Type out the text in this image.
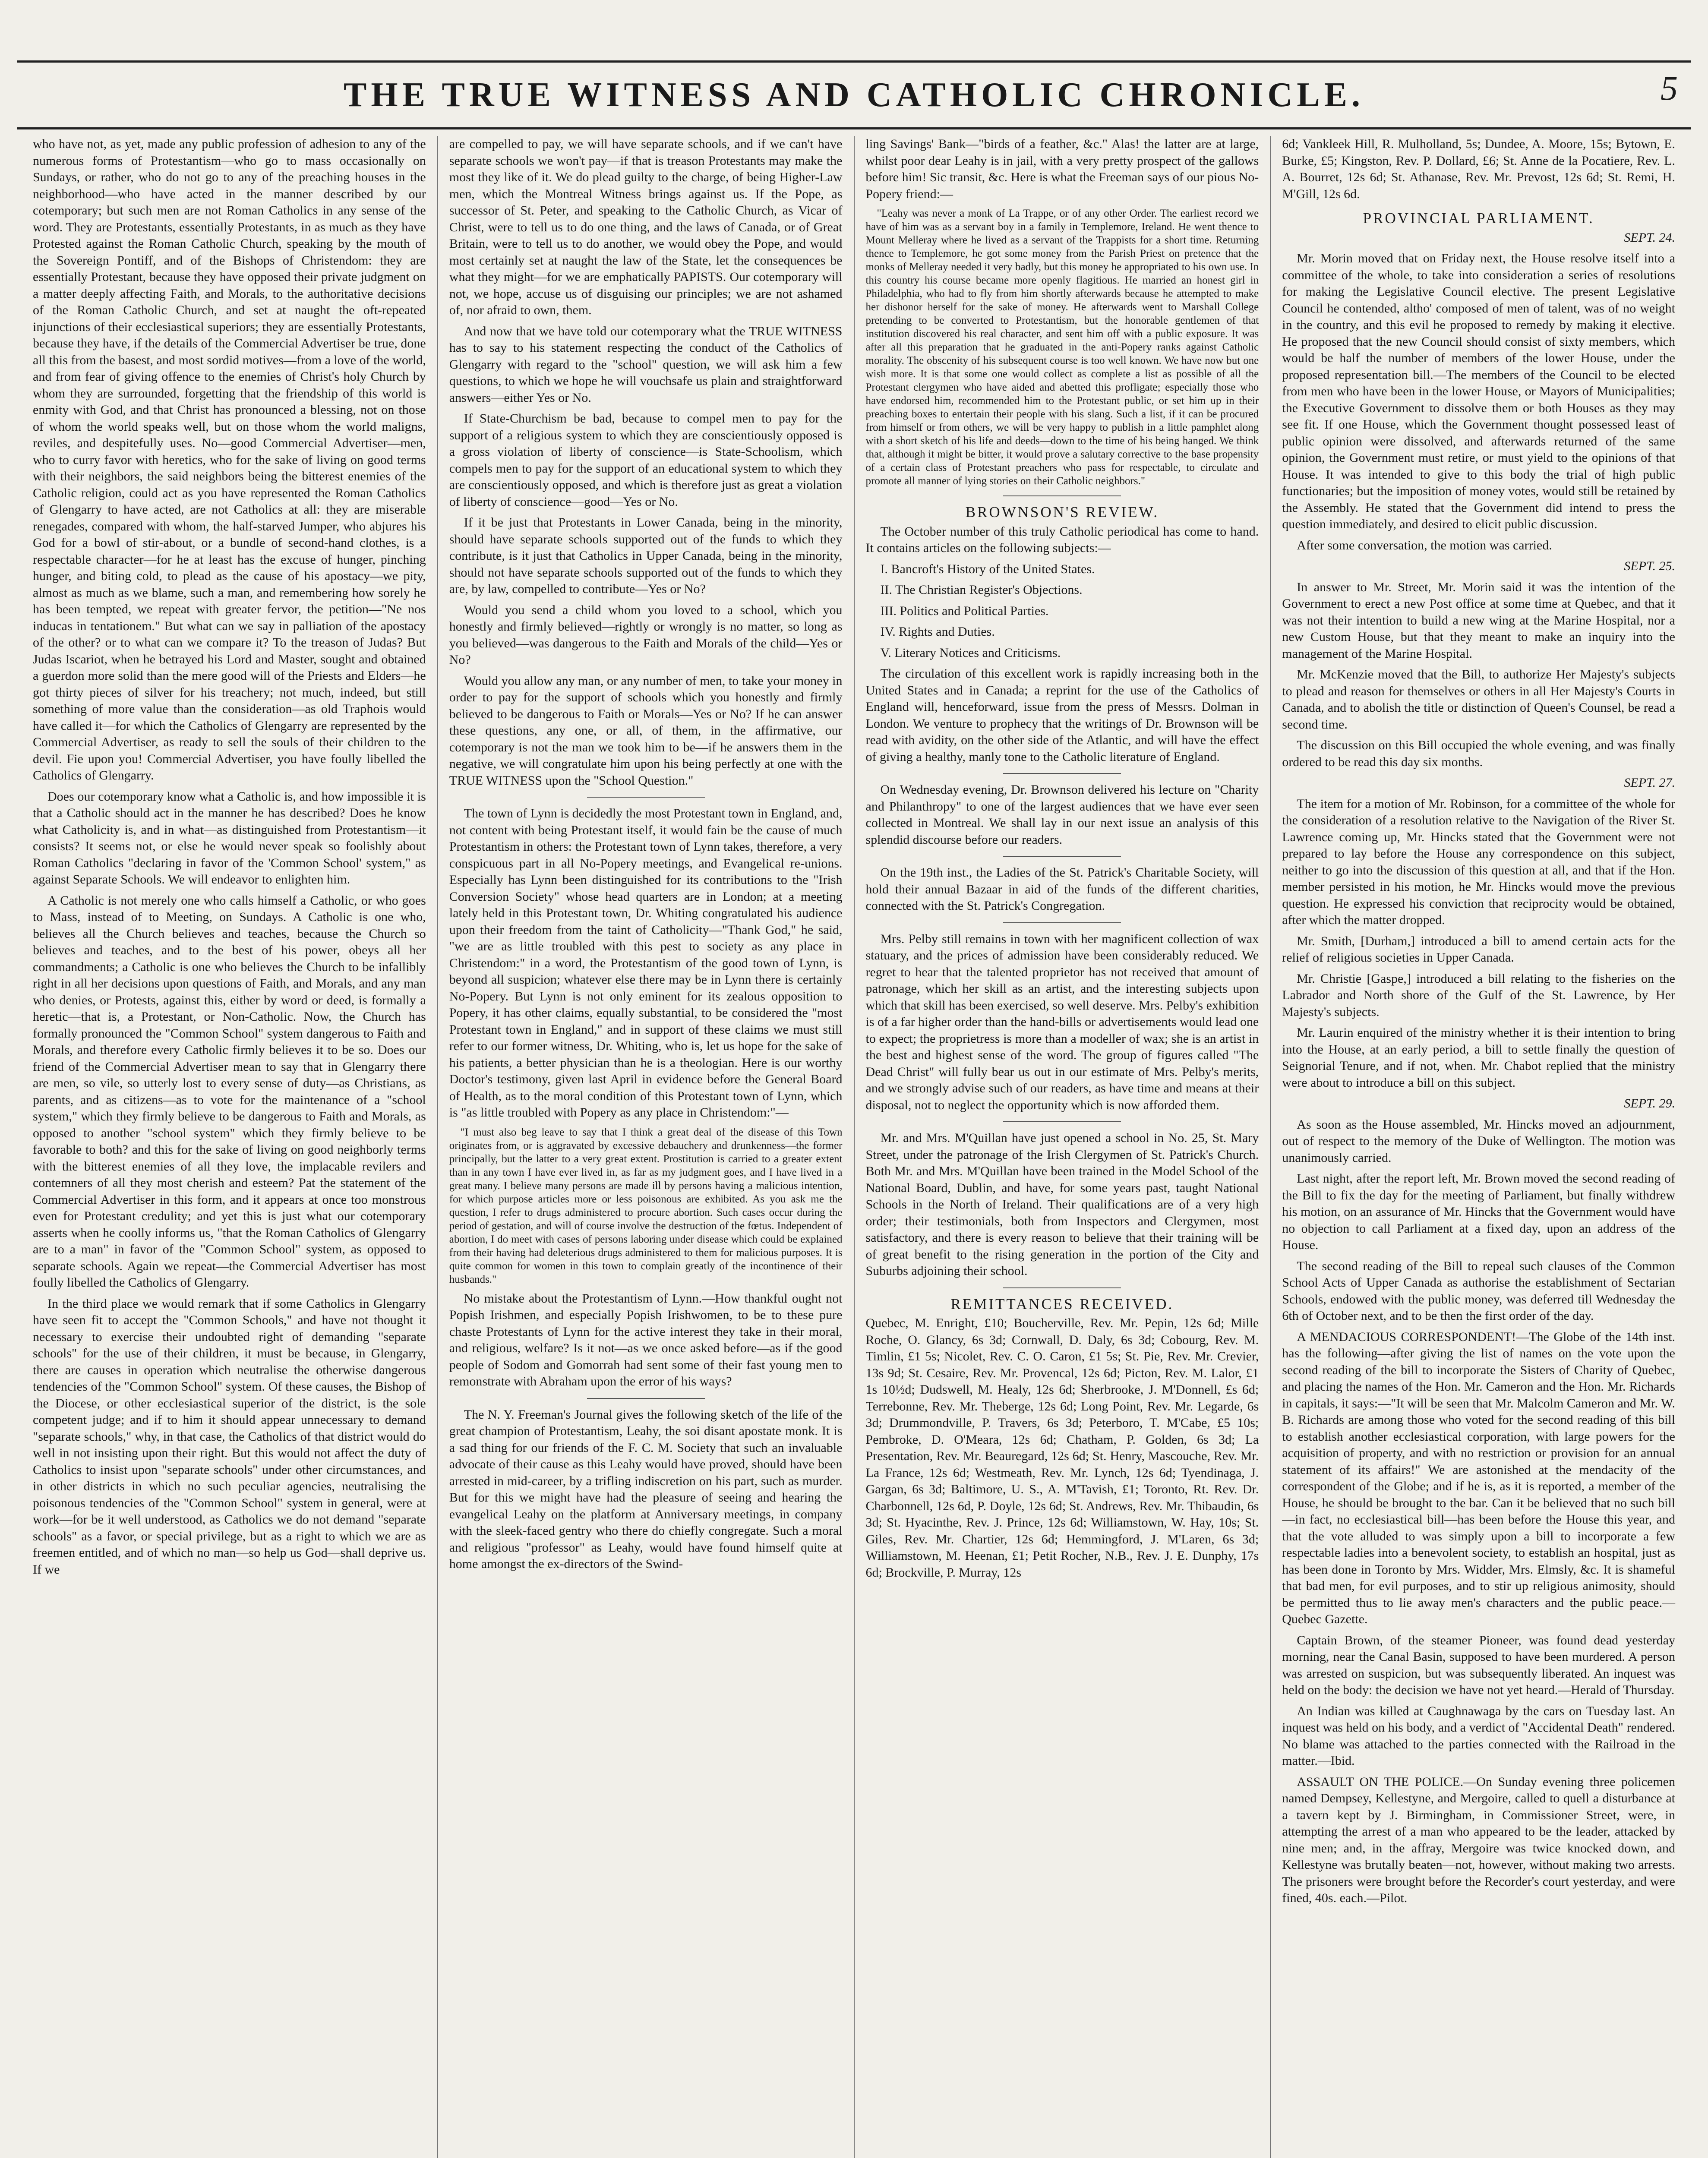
THE TRUE WITNESS AND CATHOLIC CHRONICLE.	5

who have not, as yet, made any public profession of adhesion to any of the numerous forms of Protestantism—who go to mass occasionally on Sundays, or rather, who do not go to any of the preaching houses in the neighborhood—who have acted in the manner described by our cotemporary; but such men are not Roman Catholics in any sense of the word. They are Protestants, essentially Protestants, in as much as they have Protested against the Roman Catholic Church, speaking by the mouth of the Sovereign Pontiff, and of the Bishops of Christendom: they are essentially Protestant, because they have opposed their private judgment on a matter deeply affecting Faith, and Morals, to the authoritative decisions of the Roman Catholic Church, and set at naught the oft-repeated injunctions of their ecclesiastical superiors; they are essentially Protestants, because they have, if the details of the Commercial Advertiser be true, done all this from the basest, and most sordid motives—from a love of the world, and from fear of giving offence to the enemies of Christ's holy Church by whom they are surrounded, forgetting that the friendship of this world is enmity with God, and that Christ has pronounced a blessing, not on those of whom the world speaks well, but on those whom the world maligns, reviles, and despitefully uses. No—good Commercial Advertiser—men, who to curry favor with heretics, who for the sake of living on good terms with their neighbors, the said neighbors being the bitterest enemies of the Catholic religion, could act as you have represented the Roman Catholics of Glengarry to have acted, are not Catholics at all: they are miserable renegades, compared with whom, the half-starved Jumper, who abjures his God for a bowl of stir-about, or a bundle of second-hand clothes, is a respectable character—for he at least has the excuse of hunger, pinching hunger, and biting cold, to plead as the cause of his apostacy—we pity, almost as much as we blame, such a man, and remembering how sorely he has been tempted, we repeat with greater fervor, the petition—"Ne nos inducas in tentationem." But what can we say in palliation of the apostacy of the other? or to what can we compare it? To the treason of Judas? But Judas Iscariot, when he betrayed his Lord and Master, sought and obtained a guerdon more solid than the mere good will of the Priests and Elders—he got thirty pieces of silver for his treachery; not much, indeed, but still something of more value than the consideration—as old Traphois would have called it—for which the Catholics of Glengarry are represented by the Commercial Advertiser, as ready to sell the souls of their children to the devil. Fie upon you! Commercial Advertiser, you have foully libelled the Catholics of Glengarry.

Does our cotemporary know what a Catholic is, and how impossible it is that a Catholic should act in the manner he has described? Does he know what Catholicity is, and in what—as distinguished from Protestantism—it consists? It seems not, or else he would never speak so foolishly about Roman Catholics "declaring in favor of the 'Common School' system," as against Separate Schools. We will endeavor to enlighten him.

A Catholic is not merely one who calls himself a Catholic, or who goes to Mass, instead of to Meeting, on Sundays. A Catholic is one who, believes all the Church believes and teaches, because the Church so believes and teaches, and to the best of his power, obeys all her commandments; a Catholic is one who believes the Church to be infallibly right in all her decisions upon questions of Faith, and Morals, and any man who denies, or Protests, against this, either by word or deed, is formally a heretic—that is, a Protestant, or Non-Catholic. Now, the Church has formally pronounced the "Common School" system dangerous to Faith and Morals, and therefore every Catholic firmly believes it to be so. Does our friend of the Commercial Advertiser mean to say that in Glengarry there are men, so vile, so utterly lost to every sense of duty—as Christians, as parents, and as citizens—as to vote for the maintenance of a "school system," which they firmly believe to be dangerous to Faith and Morals, as opposed to another "school system" which they firmly believe to be favorable to both? and this for the sake of living on good neighborly terms with the bitterest enemies of all they love, the implacable revilers and contemners of all they most cherish and esteem? Pat the statement of the Commercial Advertiser in this form, and it appears at once too monstrous even for Protestant credulity; and yet this is just what our cotemporary asserts when he coolly informs us, "that the Roman Catholics of Glengarry are to a man" in favor of the "Common School" system, as opposed to separate schools. Again we repeat—the Commercial Advertiser has most foully libelled the Catholics of Glengarry.

In the third place we would remark that if some Catholics in Glengarry have seen fit to accept the "Common Schools," and have not thought it necessary to exercise their undoubted right of demanding "separate schools" for the use of their children, it must be because, in Glengarry, there are causes in operation which neutralise the otherwise dangerous tendencies of the "Common School" system. Of these causes, the Bishop of the Diocese, or other ecclesiastical superior of the district, is the sole competent judge; and if to him it should appear unnecessary to demand "separate schools," why, in that case, the Catholics of that district would do well in not insisting upon their right. But this would not affect the duty of Catholics to insist upon "separate schools" under other circumstances, and in other districts in which no such peculiar agencies, neutralising the poisonous tendencies of the "Common School" system in general, were at work—for be it well understood, as Catholics we do not demand "separate schools" as a favor, or special privilege, but as a right to which we are as freemen entitled, and of which no man—so help us God—shall deprive us. If we

are compelled to pay, we will have separate schools, and if we can't have separate schools we won't pay—if that is treason Protestants may make the most they like of it. We do plead guilty to the charge, of being Higher-Law men, which the Montreal Witness brings against us. If the Pope, as successor of St. Peter, and speaking to the Catholic Church, as Vicar of Christ, were to tell us to do one thing, and the laws of Canada, or of Great Britain, were to tell us to do another, we would obey the Pope, and would most certainly set at naught the law of the State, let the consequences be what they might—for we are emphatically PAPISTS. Our cotemporary will not, we hope, accuse us of disguising our principles; we are not ashamed of, nor afraid to own, them.

And now that we have told our cotemporary what the TRUE WITNESS has to say to his statement respecting the conduct of the Catholics of Glengarry with regard to the "school" question, we will ask him a few questions, to which we hope he will vouchsafe us plain and straightforward answers—either Yes or No.

If State-Churchism be bad, because to compel men to pay for the support of a religious system to which they are conscientiously opposed is a gross violation of liberty of conscience—is State-Schoolism, which compels men to pay for the support of an educational system to which they are conscientiously opposed, and which is therefore just as great a violation of liberty of conscience—good—Yes or No.

If it be just that Protestants in Lower Canada, being in the minority, should have separate schools supported out of the funds to which they contribute, is it just that Catholics in Upper Canada, being in the minority, should not have separate schools supported out of the funds to which they are, by law, compelled to contribute—Yes or No?

Would you send a child whom you loved to a school, which you honestly and firmly believed—rightly or wrongly is no matter, so long as you believed—was dangerous to the Faith and Morals of the child—Yes or No?

Would you allow any man, or any number of men, to take your money in order to pay for the support of schools which you honestly and firmly believed to be dangerous to Faith or Morals—Yes or No? If he can answer these questions, any one, or all, of them, in the affirmative, our cotemporary is not the man we took him to be—if he answers them in the negative, we will congratulate him upon his being perfectly at one with the TRUE WITNESS upon the "School Question."

The town of Lynn is decidedly the most Protestant town in England, and, not content with being Protestant itself, it would fain be the cause of much Protestantism in others: the Protestant town of Lynn takes, therefore, a very conspicuous part in all No-Popery meetings, and Evangelical re-unions. Especially has Lynn been distinguished for its contributions to the "Irish Conversion Society" whose head quarters are in London; at a meeting lately held in this Protestant town, Dr. Whiting congratulated his audience upon their freedom from the taint of Catholicity—"Thank God," he said, "we are as little troubled with this pest to society as any place in Christendom:" in a word, the Protestantism of the good town of Lynn, is beyond all suspicion; whatever else there may be in Lynn there is certainly No-Popery. But Lynn is not only eminent for its zealous opposition to Popery, it has other claims, equally substantial, to be considered the "most Protestant town in England," and in support of these claims we must still refer to our former witness, Dr. Whiting, who is, let us hope for the sake of his patients, a better physician than he is a theologian. Here is our worthy Doctor's testimony, given last April in evidence before the General Board of Health, as to the moral condition of this Protestant town of Lynn, which is "as little troubled with Popery as any place in Christendom:"—

"I must also beg leave to say that I think a great deal of the disease of this Town originates from, or is aggravated by excessive debauchery and drunkenness—the former principally, but the latter to a very great extent. Prostitution is carried to a greater extent than in any town I have ever lived in, as far as my judgment goes, and I have lived in a great many. I believe many persons are made ill by persons having a malicious intention, for which purpose articles more or less poisonous are exhibited. As you ask me the question, I refer to drugs administered to procure abortion. Such cases occur during the period of gestation, and will of course involve the destruction of the fœtus. Independent of abortion, I do meet with cases of persons laboring under disease which could be explained from their having had deleterious drugs administered to them for malicious purposes. It is quite common for women in this town to complain greatly of the incontinence of their husbands."

No mistake about the Protestantism of Lynn.—How thankful ought not Popish Irishmen, and especially Popish Irishwomen, to be to these pure chaste Protestants of Lynn for the active interest they take in their moral, and religious, welfare? Is it not—as we once asked before—as if the good people of Sodom and Gomorrah had sent some of their fast young men to remonstrate with Abraham upon the error of his ways?

The N. Y. Freeman's Journal gives the following sketch of the life of the great champion of Protestantism, Leahy, the soi disant apostate monk. It is a sad thing for our friends of the F. C. M. Society that such an invaluable advocate of their cause as this Leahy would have proved, should have been arrested in mid-career, by a trifling indiscretion on his part, such as murder. But for this we might have had the pleasure of seeing and hearing the evangelical Leahy on the platform at Anniversary meetings, in company with the sleek-faced gentry who there do chiefly congregate. Such a moral and religious "professor" as Leahy, would have found himself quite at home amongst the ex-directors of the Swind-

ling Savings' Bank—"birds of a feather, &c." Alas! the latter are at large, whilst poor dear Leahy is in jail, with a very pretty prospect of the gallows before him! Sic transit, &c. Here is what the Freeman says of our pious No-Popery friend:—

"Leahy was never a monk of La Trappe, or of any other Order. The earliest record we have of him was as a servant boy in a family in Templemore, Ireland. He went thence to Mount Melleray where he lived as a servant of the Trappists for a short time. Returning thence to Templemore, he got some money from the Parish Priest on pretence that the monks of Melleray needed it very badly, but this money he appropriated to his own use. In this country his course became more openly flagitious. He married an honest girl in Philadelphia, who had to fly from him shortly afterwards because he attempted to make her dishonor herself for the sake of money. He afterwards went to Marshall College pretending to be converted to Protestantism, but the honorable gentlemen of that institution discovered his real character, and sent him off with a public exposure. It was after all this preparation that he graduated in the anti-Popery ranks against Catholic morality. The obscenity of his subsequent course is too well known. We have now but one wish more. It is that some one would collect as complete a list as possible of all the Protestant clergymen who have aided and abetted this profligate; especially those who have endorsed him, recommended him to the Protestant public, or set him up in their preaching boxes to entertain their people with his slang. Such a list, if it can be procured from himself or from others, we will be very happy to publish in a little pamphlet along with a short sketch of his life and deeds—down to the time of his being hanged. We think that, although it might be bitter, it would prove a salutary corrective to the base propensity of a certain class of Protestant preachers who pass for respectable, to circulate and promote all manner of lying stories on their Catholic neighbors."

BROWNSON'S REVIEW.

The October number of this truly Catholic periodical has come to hand. It contains articles on the following subjects:—

I. Bancroft's History of the United States.

II. The Christian Register's Objections.

III. Politics and Political Parties.

IV. Rights and Duties.

V. Literary Notices and Criticisms.

The circulation of this excellent work is rapidly increasing both in the United States and in Canada; a reprint for the use of the Catholics of England will, henceforward, issue from the press of Messrs. Dolman in London. We venture to prophecy that the writings of Dr. Brownson will be read with avidity, on the other side of the Atlantic, and will have the effect of giving a healthy, manly tone to the Catholic literature of England.

On Wednesday evening, Dr. Brownson delivered his lecture on "Charity and Philanthropy" to one of the largest audiences that we have ever seen collected in Montreal. We shall lay in our next issue an analysis of this splendid discourse before our readers.

On the 19th inst., the Ladies of the St. Patrick's Charitable Society, will hold their annual Bazaar in aid of the funds of the different charities, connected with the St. Patrick's Congregation.

Mrs. Pelby still remains in town with her magnificent collection of wax statuary, and the prices of admission have been considerably reduced. We regret to hear that the talented proprietor has not received that amount of patronage, which her skill as an artist, and the interesting subjects upon which that skill has been exercised, so well deserve. Mrs. Pelby's exhibition is of a far higher order than the hand-bills or advertisements would lead one to expect; the proprietress is more than a modeller of wax; she is an artist in the best and highest sense of the word. The group of figures called "The Dead Christ" will fully bear us out in our estimate of Mrs. Pelby's merits, and we strongly advise such of our readers, as have time and means at their disposal, not to neglect the opportunity which is now afforded them.

Mr. and Mrs. M'Quillan have just opened a school in No. 25, St. Mary Street, under the patronage of the Irish Clergymen of St. Patrick's Church. Both Mr. and Mrs. M'Quillan have been trained in the Model School of the National Board, Dublin, and have, for some years past, taught National Schools in the North of Ireland. Their qualifications are of a very high order; their testimonials, both from Inspectors and Clergymen, most satisfactory, and there is every reason to believe that their training will be of great benefit to the rising generation in the portion of the City and Suburbs adjoining their school.

REMITTANCES RECEIVED.

Quebec, M. Enright, £10; Boucherville, Rev. Mr. Pepin, 12s 6d; Mille Roche, O. Glancy, 6s 3d; Cornwall, D. Daly, 6s 3d; Cobourg, Rev. M. Timlin, £1 5s; Nicolet, Rev. C. O. Caron, £1 5s; St. Pie, Rev. Mr. Crevier, 13s 9d; St. Cesaire, Rev. Mr. Provencal, 12s 6d; Picton, Rev. M. Lalor, £1 1s 10½d; Dudswell, M. Healy, 12s 6d; Sherbrooke, J. M'Donnell, £s 6d; Terrebonne, Rev. Mr. Theberge, 12s 6d; Long Point, Rev. Mr. Legarde, 6s 3d; Drummondville, P. Travers, 6s 3d; Peterboro, T. M'Cabe, £5 10s; Pembroke, D. O'Meara, 12s 6d; Chatham, P. Golden, 6s 3d; La Presentation, Rev. Mr. Beauregard, 12s 6d; St. Henry, Mascouche, Rev. Mr. La France, 12s 6d; Westmeath, Rev. Mr. Lynch, 12s 6d; Tyendinaga, J. Gargan, 6s 3d; Baltimore, U. S., A. M'Tavish, £1; Toronto, Rt. Rev. Dr. Charbonnell, 12s 6d, P. Doyle, 12s 6d; St. Andrews, Rev. Mr. Thibaudin, 6s 3d; St. Hyacinthe, Rev. J. Prince, 12s 6d; Williamstown, W. Hay, 10s; St. Giles, Rev. Mr. Chartier, 12s 6d; Hemmingford, J. M'Laren, 6s 3d; Williamstown, M. Heenan, £1; Petit Rocher, N.B., Rev. J. E. Dunphy, 17s 6d; Brockville, P. Murray, 12s

6d; Vankleek Hill, R. Mulholland, 5s; Dundee, A. Moore, 15s; Bytown, E. Burke, £5; Kingston, Rev. P. Dollard, £6; St. Anne de la Pocatiere, Rev. L. A. Bourret, 12s 6d; St. Athanase, Rev. Mr. Prevost, 12s 6d; St. Remi, H. M'Gill, 12s 6d.

PROVINCIAL PARLIAMENT.

SEPT. 24.

Mr. Morin moved that on Friday next, the House resolve itself into a committee of the whole, to take into consideration a series of resolutions for making the Legislative Council elective. The present Legislative Council he contended, altho' composed of men of talent, was of no weight in the country, and this evil he proposed to remedy by making it elective. He proposed that the new Council should consist of sixty members, which would be half the number of members of the lower House, under the proposed representation bill.—The members of the Council to be elected from men who have been in the lower House, or Mayors of Municipalities; the Executive Government to dissolve them or both Houses as they may see fit. If one House, which the Government thought possessed least of public opinion were dissolved, and afterwards returned of the same opinion, the Government must retire, or must yield to the opinions of that House. It was intended to give to this body the trial of high public functionaries; but the imposition of money votes, would still be retained by the Assembly. He stated that the Government did intend to press the question immediately, and desired to elicit public discussion.

After some conversation, the motion was carried.

SEPT. 25.

In answer to Mr. Street, Mr. Morin said it was the intention of the Government to erect a new Post office at some time at Quebec, and that it was not their intention to build a new wing at the Marine Hospital, nor a new Custom House, but that they meant to make an inquiry into the management of the Marine Hospital.

Mr. McKenzie moved that the Bill, to authorize Her Majesty's subjects to plead and reason for themselves or others in all Her Majesty's Courts in Canada, and to abolish the title or distinction of Queen's Counsel, be read a second time.

The discussion on this Bill occupied the whole evening, and was finally ordered to be read this day six months.

SEPT. 27.

The item for a motion of Mr. Robinson, for a committee of the whole for the consideration of a resolution relative to the Navigation of the River St. Lawrence coming up, Mr. Hincks stated that the Government were not prepared to lay before the House any correspondence on this subject, neither to go into the discussion of this question at all, and that if the Hon. member persisted in his motion, he Mr. Hincks would move the previous question. He expressed his conviction that reciprocity would be obtained, after which the matter dropped.

Mr. Smith, [Durham,] introduced a bill to amend certain acts for the relief of religious societies in Upper Canada.

Mr. Christie [Gaspe,] introduced a bill relating to the fisheries on the Labrador and North shore of the Gulf of the St. Lawrence, by Her Majesty's subjects.

Mr. Laurin enquired of the ministry whether it is their intention to bring into the House, at an early period, a bill to settle finally the question of Seignorial Tenure, and if not, when. Mr. Chabot replied that the ministry were about to introduce a bill on this subject.

SEPT. 29.

As soon as the House assembled, Mr. Hincks moved an adjournment, out of respect to the memory of the Duke of Wellington. The motion was unanimously carried.

Last night, after the report left, Mr. Brown moved the second reading of the Bill to fix the day for the meeting of Parliament, but finally withdrew his motion, on an assurance of Mr. Hincks that the Government would have no objection to call Parliament at a fixed day, upon an address of the House.

The second reading of the Bill to repeal such clauses of the Common School Acts of Upper Canada as authorise the establishment of Sectarian Schools, endowed with the public money, was deferred till Wednesday the 6th of October next, and to be then the first order of the day.

A MENDACIOUS CORRESPONDENT!—The Globe of the 14th inst. has the following—after giving the list of names on the vote upon the second reading of the bill to incorporate the Sisters of Charity of Quebec, and placing the names of the Hon. Mr. Cameron and the Hon. Mr. Richards in capitals, it says:—"It will be seen that Mr. Malcolm Cameron and Mr. W. B. Richards are among those who voted for the second reading of this bill to establish another ecclesiastical corporation, with large powers for the acquisition of property, and with no restriction or provision for an annual statement of its affairs!" We are astonished at the mendacity of the correspondent of the Globe; and if he is, as it is reported, a member of the House, he should be brought to the bar. Can it be believed that no such bill—in fact, no ecclesiastical bill—has been before the House this year, and that the vote alluded to was simply upon a bill to incorporate a few respectable ladies into a benevolent society, to establish an hospital, just as has been done in Toronto by Mrs. Widder, Mrs. Elmsly, &c. It is shameful that bad men, for evil purposes, and to stir up religious animosity, should be permitted thus to lie away men's characters and the public peace.—Quebec Gazette.

Captain Brown, of the steamer Pioneer, was found dead yesterday morning, near the Canal Basin, supposed to have been murdered. A person was arrested on suspicion, but was subsequently liberated. An inquest was held on the body: the decision we have not yet heard.—Herald of Thursday.

An Indian was killed at Caughnawaga by the cars on Tuesday last. An inquest was held on his body, and a verdict of "Accidental Death" rendered. No blame was attached to the parties connected with the Railroad in the matter.—Ibid.

ASSAULT ON THE POLICE.—On Sunday evening three policemen named Dempsey, Kellestyne, and Mergoire, called to quell a disturbance at a tavern kept by J. Birmingham, in Commissioner Street, were, in attempting the arrest of a man who appeared to be the leader, attacked by nine men; and, in the affray, Mergoire was twice knocked down, and Kellestyne was brutally beaten—not, however, without making two arrests. The prisoners were brought before the Recorder's court yesterday, and were fined, 40s. each.—Pilot.
